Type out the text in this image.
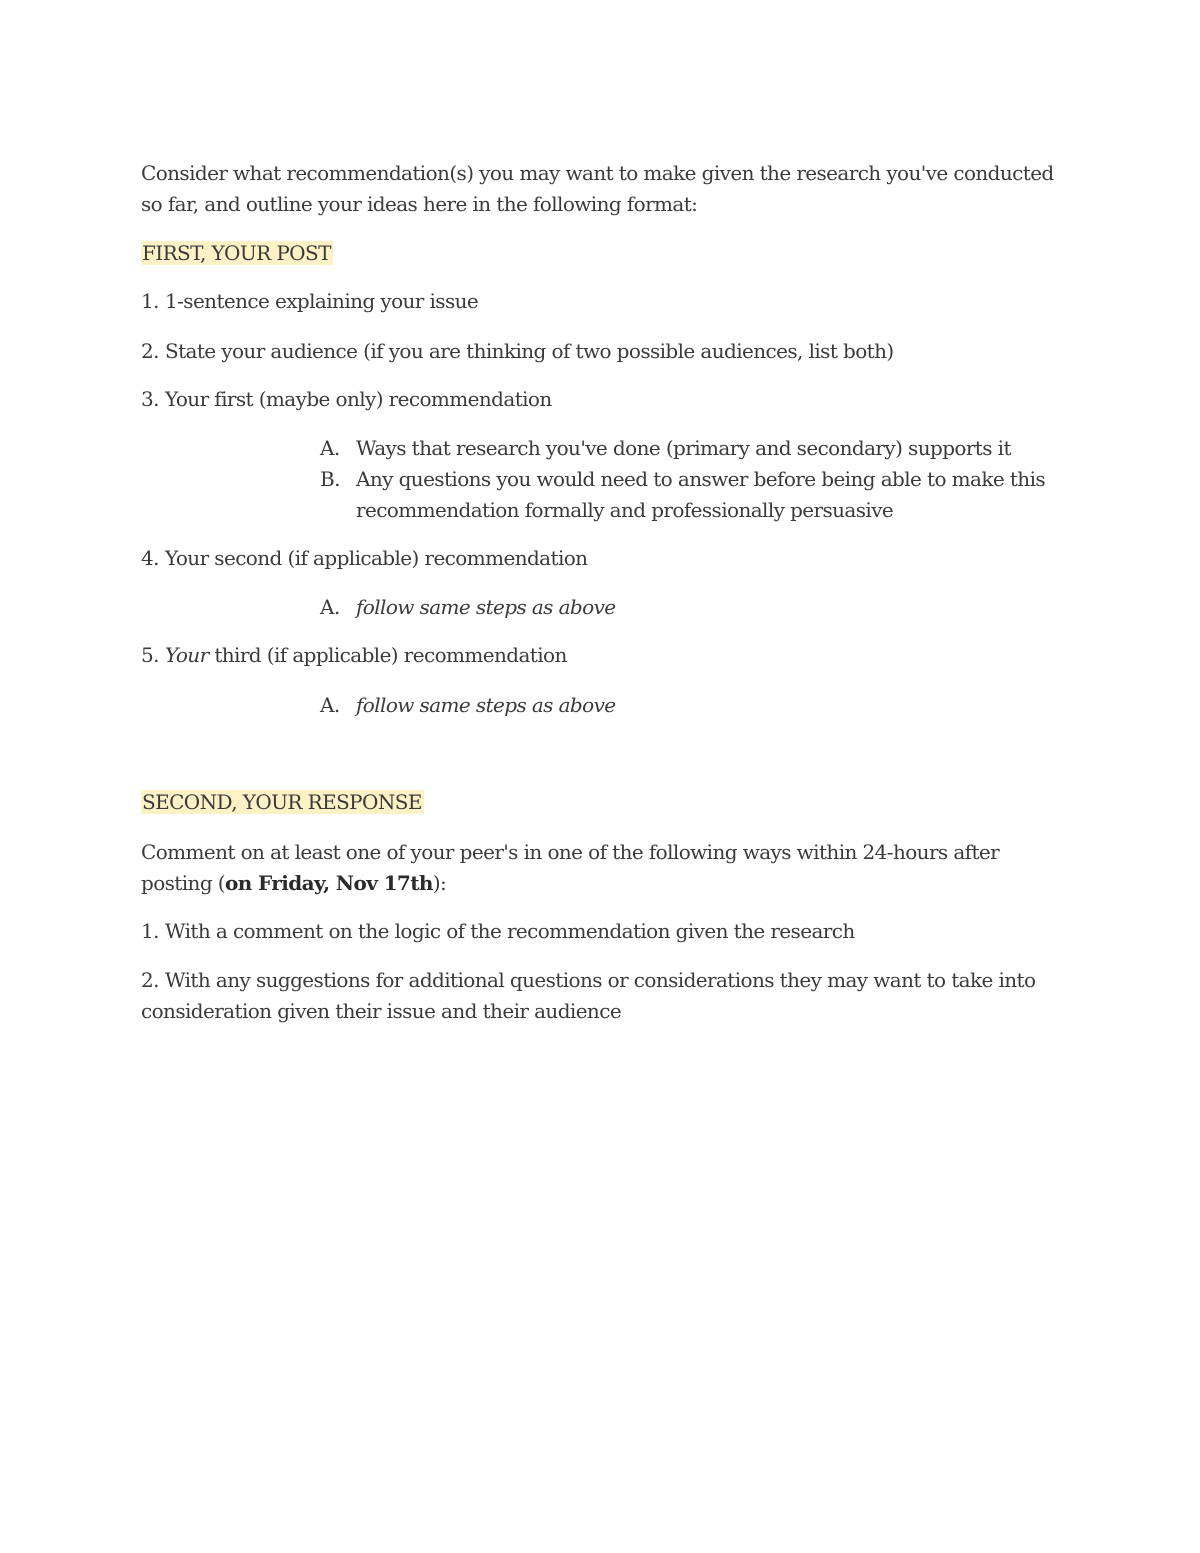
Consider what recommendation(s) you may want to make given the research you've conducted
so far, and outline your ideas here in the following format:
FIRST, YOUR POST
1. 1-sentence explaining your issue
2. State your audience (if you are thinking of two possible audiences, list both)
3. Your first (maybe only) recommendation
A. Ways that research you've done (primary and secondary) supports it
B. Any questions you would need to answer before being able to make this
recommendation formally and professionally persuasive
4. Your second (if applicable) recommendation
A. follow same steps as above
5. Your third (if applicable) recommendation
A. follow same steps as above
SECOND, YOUR RESPONSE
Comment on at least one of your peer's in one of the following ways within 24-hours after
posting (on Friday, Nov 17th):
1. With a comment on the logic of the recommendation given the research
2. With any suggestions for additional questions or considerations they may want to take into
consideration given their issue and their audience
